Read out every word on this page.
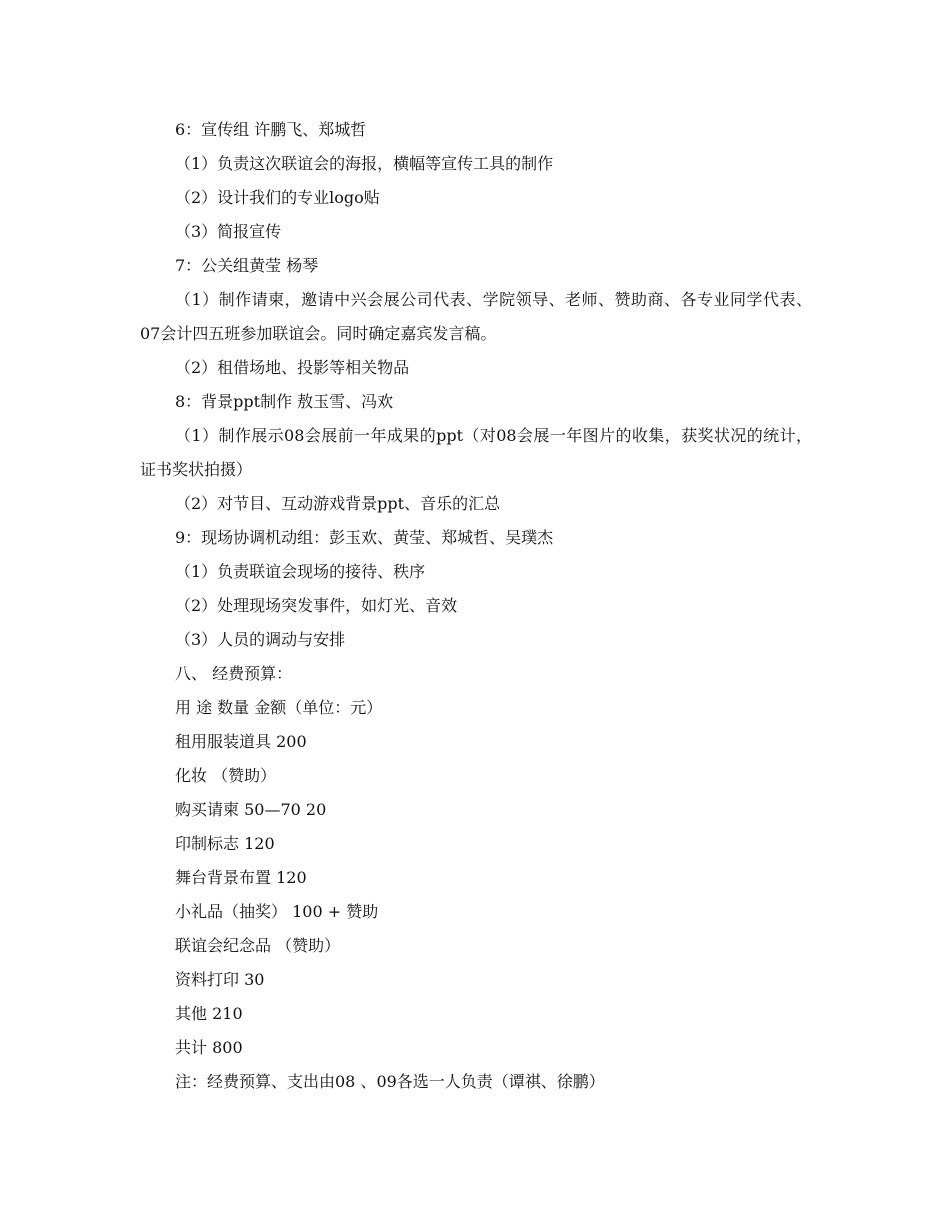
6：宣传组 许鹏飞、郑城哲
（1）负责这次联谊会的海报，横幅等宣传工具的制作
（2）设计我们的专业logo贴
（3）简报宣传
7：公关组黄莹 杨琴
（1）制作请柬，邀请中兴会展公司代表、学院领导、老师、赞助商、各专业同学代表、07会计四五班参加联谊会。同时确定嘉宾发言稿。
（2）租借场地、投影等相关物品
8：背景ppt制作 敖玉雪、冯欢
（1）制作展示08会展前一年成果的ppt（对08会展一年图片的收集，获奖状况的统计，证书奖状拍摄）
（2）对节目、互动游戏背景ppt、音乐的汇总
9：现场协调机动组：彭玉欢、黄莹、郑城哲、吴璞杰
（1）负责联谊会现场的接待、秩序
（2）处理现场突发事件，如灯光、音效
（3）人员的调动与安排
八、 经费预算：
用 途 数量 金额（单位：元）
租用服装道具 200
化妆 （赞助）
购买请柬 50—70 20
印制标志 120
舞台背景布置 120
小礼品（抽奖） 100 + 赞助
联谊会纪念品 （赞助）
资料打印 30
其他 210
共计 800
注：经费预算、支出由08 、09各选一人负责（谭祺、徐鹏）
